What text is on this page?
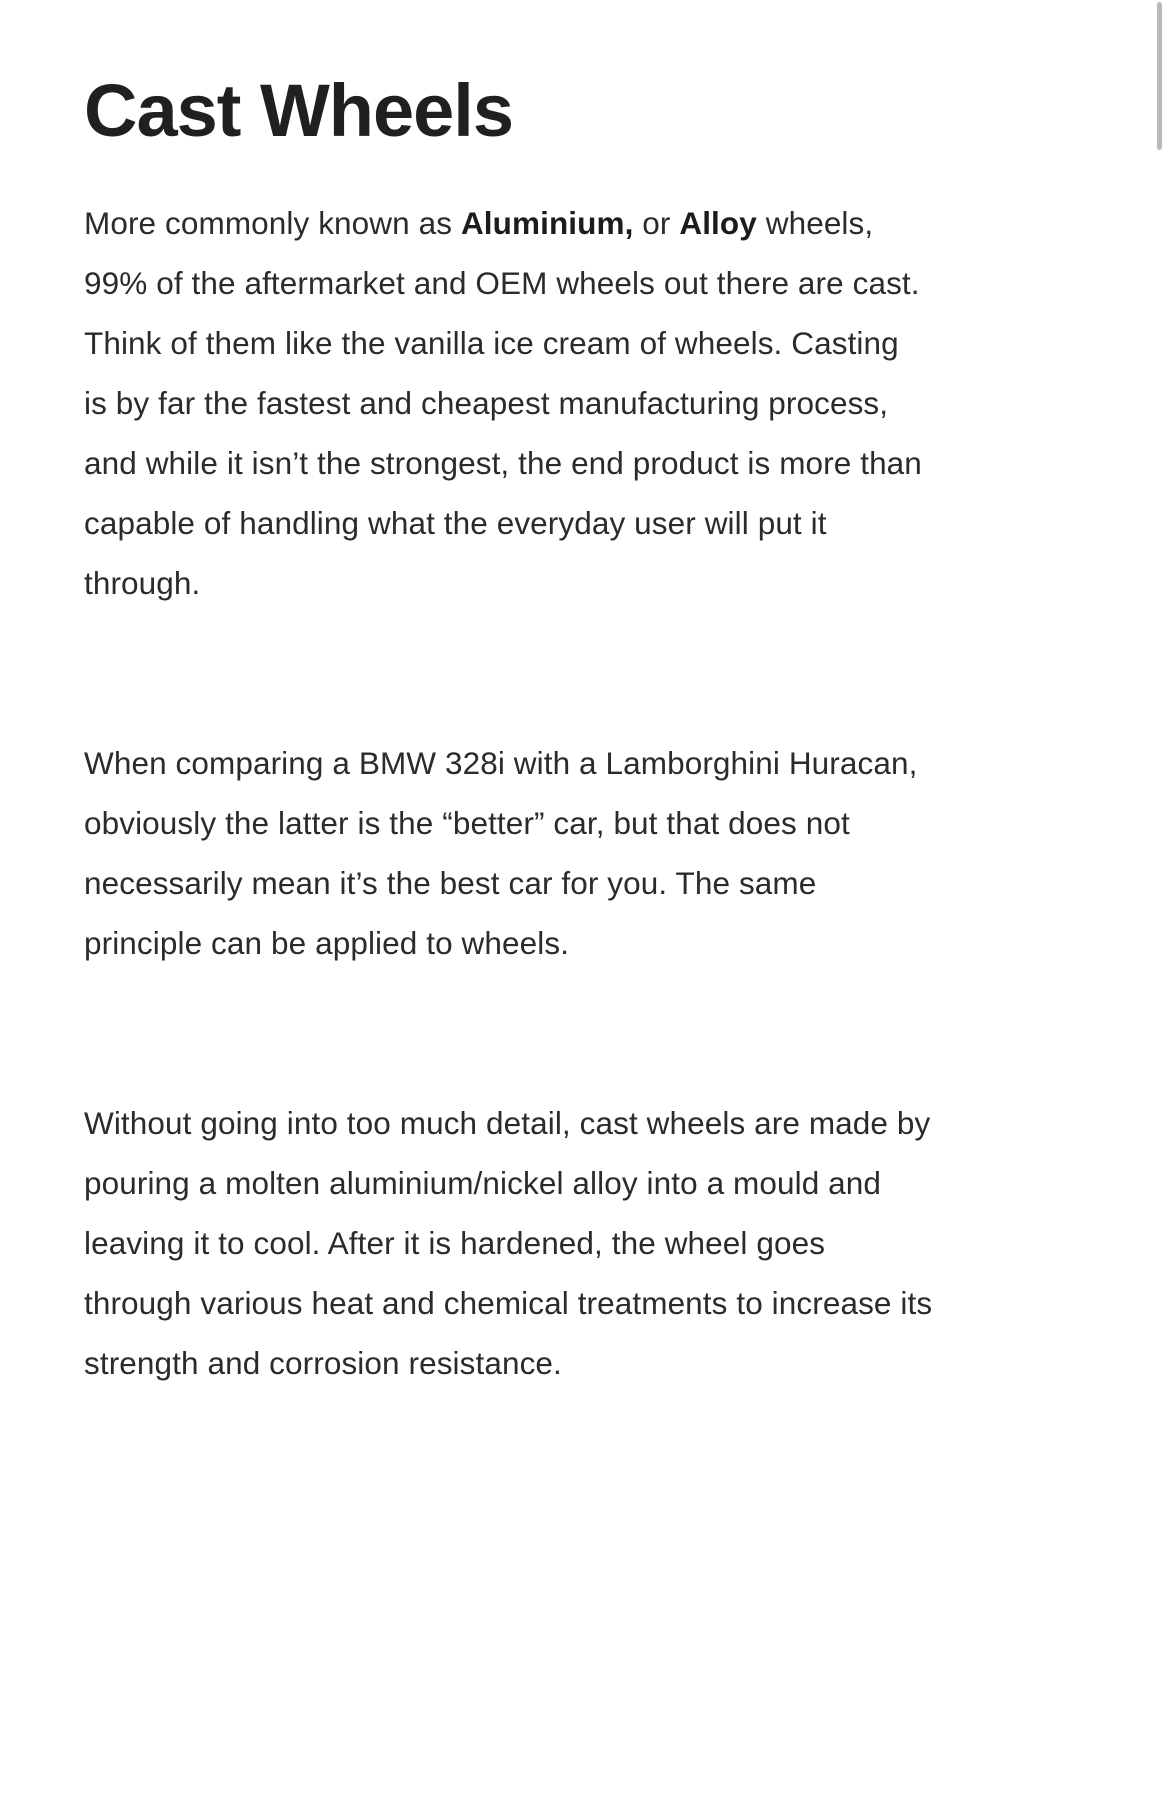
Cast Wheels

More commonly known as Aluminium, or Alloy wheels, 99% of the aftermarket and OEM wheels out there are cast. Think of them like the vanilla ice cream of wheels. Casting is by far the fastest and cheapest manufacturing process, and while it isn’t the strongest, the end product is more than capable of handling what the everyday user will put it through.

When comparing a BMW 328i with a Lamborghini Huracan, obviously the latter is the “better” car, but that does not necessarily mean it’s the best car for you. The same principle can be applied to wheels.

Without going into too much detail, cast wheels are made by pouring a molten aluminium/nickel alloy into a mould and leaving it to cool. After it is hardened, the wheel goes through various heat and chemical treatments to increase its strength and corrosion resistance.
